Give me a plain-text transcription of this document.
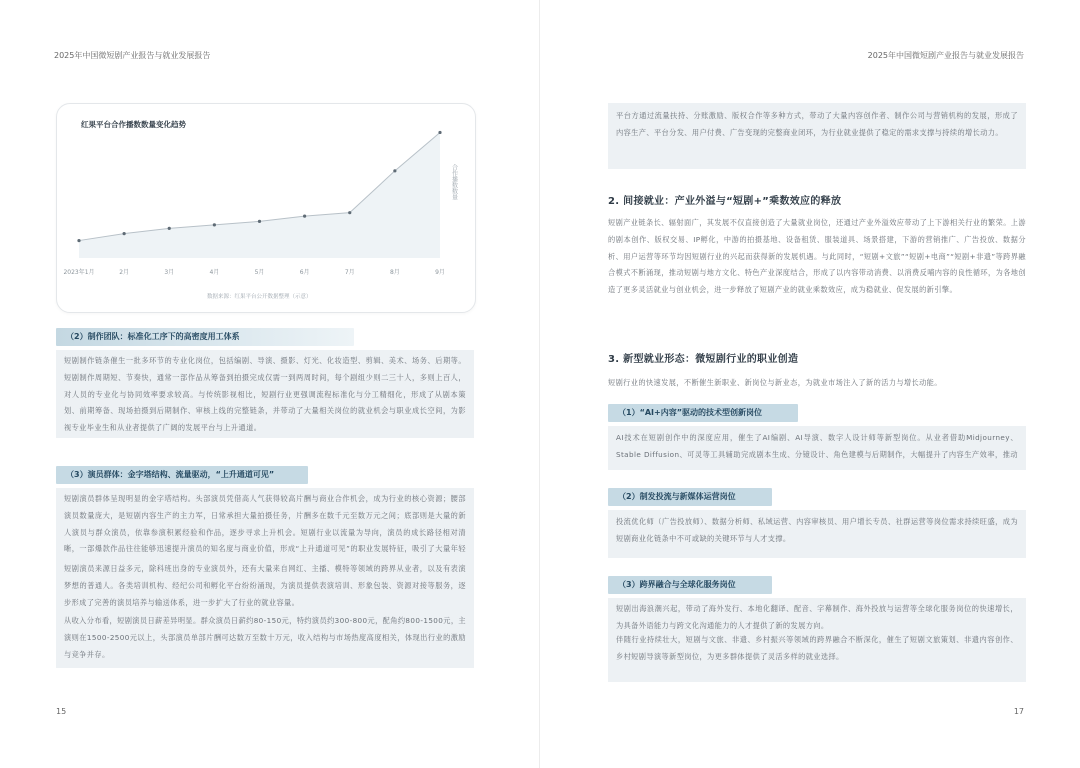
2025年中国微短剧产业报告与就业发展报告
红果平台合作播数数量变化趋势
2023年1月	2月	3月	4月	5月	6月	7月	8月	9月
合作播数数量
数据来源：红果平台公开数据整理（示意）
（2）制作团队：标准化工序下的高密度用工体系
短剧制作链条催生一批多环节的专业化岗位，包括编剧、导演、摄影、灯光、化妆造型、剪辑、美术、场务、后期等。短剧制作周期短、节奏快，通常一部作品从筹备到拍摄完成仅需一到两周时间，每个剧组少则二三十人，多则上百人，对人员的专业化与协同效率要求较高。与传统影视相比，短剧行业更强调流程标准化与分工精细化，形成了从剧本策划、前期筹备、现场拍摄到后期制作、审核上线的完整链条，并带动了大量相关岗位的就业机会与职业成长空间，为影视专业毕业生和从业者提供了广阔的发展平台与上升通道。
（3）演员群体：金字塔结构、流量驱动，“上升通道可见”
短剧演员群体呈现明显的金字塔结构。头部演员凭借高人气获得较高片酬与商业合作机会，成为行业的核心资源；腰部演员数量庞大，是短剧内容生产的主力军，日常承担大量拍摄任务，片酬多在数千元至数万元之间；底部则是大量的新人演员与群众演员，依靠参演积累经验和作品，逐步寻求上升机会。短剧行业以流量为导向，演员的成长路径相对清晰，一部爆款作品往往能够迅速提升演员的知名度与商业价值，形成“上升通道可见”的职业发展特征，吸引了大量年轻
短剧演员来源日益多元，除科班出身的专业演员外，还有大量来自网红、主播、模特等领域的跨界从业者，以及有表演梦想的普通人。各类培训机构、经纪公司和孵化平台纷纷涌现，为演员提供表演培训、形象包装、资源对接等服务，逐步形成了完善的演员培养与输送体系，进一步扩大了行业的就业容量。
从收入分布看，短剧演员日薪差异明显。群众演员日薪约80-150元，特约演员约300-800元，配角约800-1500元，主演则在1500-2500元以上，头部演员单部片酬可达数万至数十万元，收入结构与市场热度高度相关，体现出行业的激励与竞争并存。
15
2025年中国微短剧产业报告与就业发展报告
平台方通过流量扶持、分账激励、版权合作等多种方式，带动了大量内容创作者、制作公司与营销机构的发展，形成了内容生产、平台分发、用户付费、广告变现的完整商业闭环，为行业就业提供了稳定的需求支撑与持续的增长动力。
2. 间接就业：产业外溢与“短剧+”乘数效应的释放
短剧产业链条长、辐射面广，其发展不仅直接创造了大量就业岗位，还通过产业外溢效应带动了上下游相关行业的繁荣。上游的剧本创作、版权交易、IP孵化，中游的拍摄基地、设备租赁、服装道具、场景搭建，下游的营销推广、广告投放、数据分析、用户运营等环节均因短剧行业的兴起而获得新的发展机遇。与此同时，“短剧+文旅”“短剧+电商”“短剧+非遗”等跨界融合模式不断涌现，推动短剧与地方文化、特色产业深度结合，形成了以内容带动消费、以消费反哺内容的良性循环，为各地创造了更多灵活就业与创业机会，进一步释放了短剧产业的就业乘数效应，成为稳就业、促发展的新引擎。
3. 新型就业形态：微短剧行业的职业创造
短剧行业的快速发展，不断催生新职业、新岗位与新业态，为就业市场注入了新的活力与增长动能。
（1）“AI+内容”驱动的技术型创新岗位
AI技术在短剧创作中的深度应用，催生了AI编剧、AI导演、数字人设计师等新型岗位。从业者借助Midjourney、Stable Diffusion、可灵等工具辅助完成剧本生成、分镜设计、角色建模与后期制作，大幅提升了内容生产效率，推动
（2）制发投流与新媒体运营岗位
投流优化师（广告投放师）、数据分析师、私域运营、内容审核员、用户增长专员、社群运营等岗位需求持续旺盛，成为短剧商业化链条中不可或缺的关键环节与人才支撑。
（3）跨界融合与全球化服务岗位
短剧出海浪潮兴起，带动了海外发行、本地化翻译、配音、字幕制作、海外投放与运营等全球化服务岗位的快速增长，为具备外语能力与跨文化沟通能力的人才提供了新的发展方向。
伴随行业持续壮大，短剧与文旅、非遗、乡村振兴等领域的跨界融合不断深化，催生了短剧文旅策划、非遗内容创作、乡村短剧导演等新型岗位，为更多群体提供了灵活多样的就业选择。
17
